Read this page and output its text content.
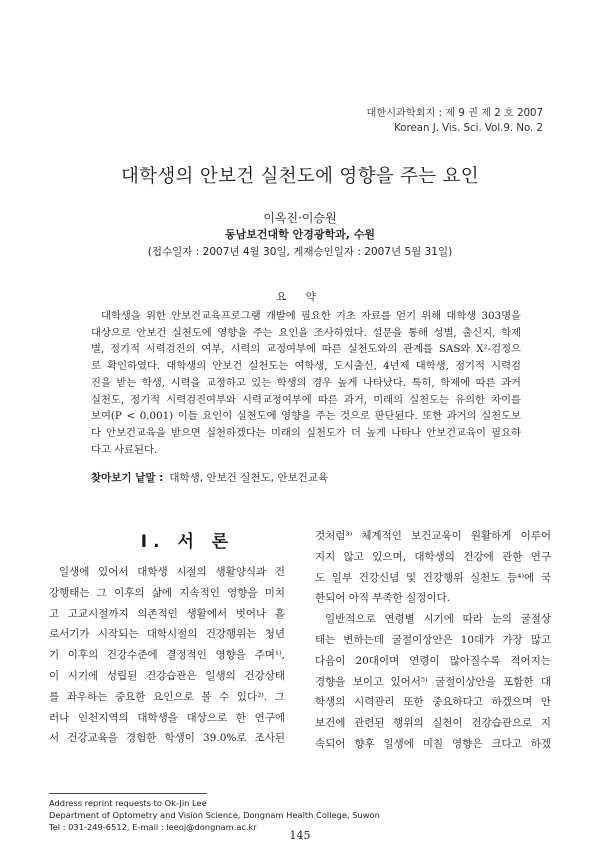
대한시과학회지 : 제 9 권 제 2 호 2007
Korean J. Vis. Sci. Vol.9. No. 2
대학생의 안보건 실천도에 영향을 주는 요인
이옥진·이승원
동남보건대학 안경광학과, 수원
(접수일자 : 2007년 4월 30일, 게재승인일자 : 2007년 5월 31일)
요 약
대학생을 위한 안보건교육프로그램 개발에 필요한 기초 자료를 얻기 위해 대학생 303명을
대상으로 안보건 실천도에 영향을 주는 요인을 조사하였다. 설문을 통해 성별, 출신지, 학제
별, 정기적 시력검진의 여부, 시력의 교정여부에 따른 실천도와의 관계를 SAS와 X²-검정으
로 확인하였다. 대학생의 안보건 실천도는 여학생, 도시출신, 4년제 대학생, 정기적 시력검
진을 받는 학생, 시력을 교정하고 있는 학생의 경우 높게 나타났다. 특히, 학제에 따른 과거
실천도, 정기적 시력검진여부와 시력교정여부에 따른 과거, 미래의 실천도는 유의한 차이를
보여(P < 0.001) 이들 요인이 실천도에 영향을 주는 것으로 판단된다. 또한 과거의 실천도보
다 안보건교육을 받으면 실천하겠다는 미래의 실천도가 더 높게 나타나 안보건교육이 필요하
다고 사료된다.
찾아보기 낱말 : 대학생, 안보건 실천도, 안보건교육
I. 서 론
일생에 있어서 대학생 시절의 생활양식과 건
강행태는 그 이후의 삶에 지속적인 영향을 미치
고 고교시절까지 의존적인 생활에서 벗어나 홀
로서기가 시작되는 대학시절의 건강행위는 청년
기 이후의 건강수준에 결정적인 영향을 주며¹⁾,
이 시기에 성립된 건강습관은 일생의 건강상태
를 좌우하는 중요한 요인으로 볼 수 있다²⁾. 그
러나 인천지역의 대학생을 대상으로 한 연구에
서 건강교육을 경험한 학생이 39.0%로 조사된
것처럼³⁾ 체계적인 보건교육이 원활하게 이루어
지지 않고 있으며, 대학생의 건강에 관한 연구
도 일부 건강신념 및 건강행위 실천도 등⁴⁾에 국
한되어 아직 부족한 실정이다.
일반적으로 연령별 시기에 따라 눈의 굴절상
태는 변하는데 굴절이상안은 10대가 가장 많고
다음이 20대이며 연령이 많아질수록 적어지는
경향을 보이고 있어서⁵⁾ 굴절이상안을 포함한 대
학생의 시력관리 또한 중요하다고 하겠으며 안
보건에 관련된 행위의 실천이 건강습관으로 지
속되어 향후 일생에 미칠 영향은 크다고 하겠
Address reprint requests to Ok-Jin Lee
Department of Optometry and Vision Science, Dongnam Health College, Suwon
Tel : 031-249-6512, E-mail : leeoj@dongnam.ac.kr
145
